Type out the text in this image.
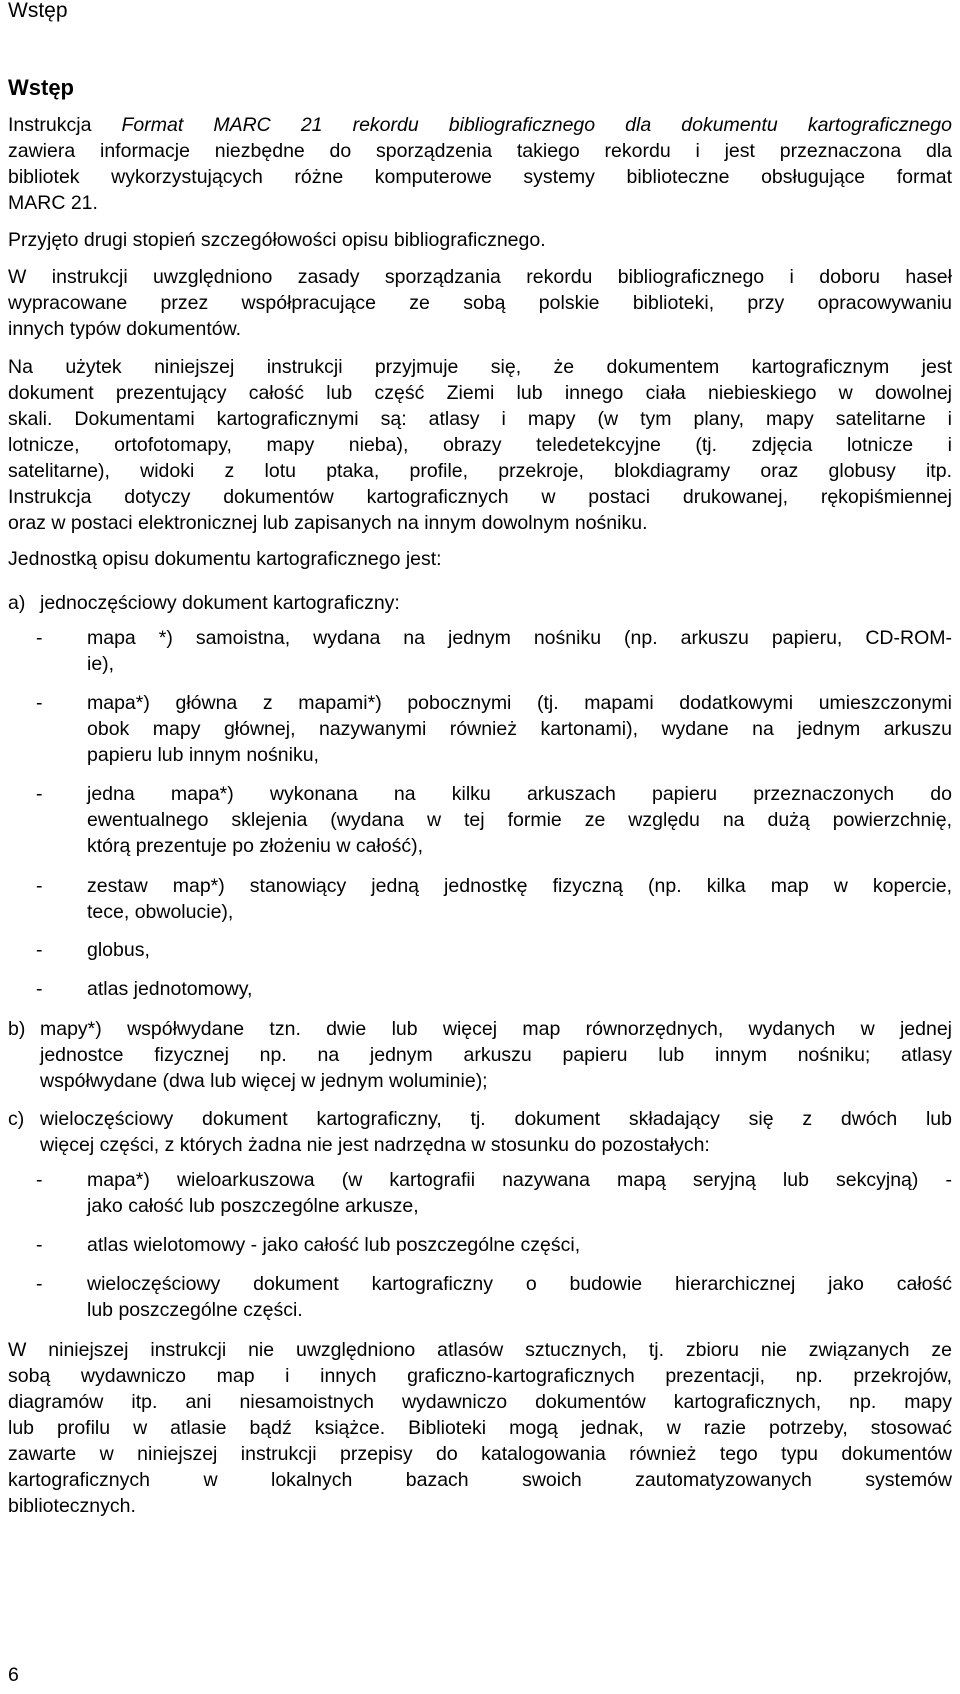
Wstęp
Wstęp
Instrukcja Format MARC 21 rekordu bibliograficznego dla dokumentu kartograficznego
zawiera informacje niezbędne do sporządzenia takiego rekordu i jest przeznaczona dla
bibliotek wykorzystujących różne komputerowe systemy biblioteczne obsługujące format
MARC 21.
Przyjęto drugi stopień szczegółowości opisu bibliograficznego.
W instrukcji uwzględniono zasady sporządzania rekordu bibliograficznego i doboru haseł
wypracowane przez współpracujące ze sobą polskie biblioteki, przy opracowywaniu
innych typów dokumentów.
Na użytek niniejszej instrukcji przyjmuje się, że dokumentem kartograficznym jest
dokument prezentujący całość lub część Ziemi lub innego ciała niebieskiego w dowolnej
skali. Dokumentami kartograficznymi są: atlasy i mapy (w tym plany, mapy satelitarne i
lotnicze, ortofotomapy, mapy nieba), obrazy teledetekcyjne (tj. zdjęcia lotnicze i
satelitarne), widoki z lotu ptaka, profile, przekroje, blokdiagramy oraz globusy itp.
Instrukcja dotyczy dokumentów kartograficznych w postaci drukowanej, rękopiśmiennej
oraz w postaci elektronicznej lub zapisanych na innym dowolnym nośniku.
Jednostką opisu dokumentu kartograficznego jest:
a) jednoczęściowy dokument kartograficzny:
- mapa *) samoistna, wydana na jednym nośniku (np. arkuszu papieru, CD-ROM-
ie),
- mapa*) główna z mapami*) pobocznymi (tj. mapami dodatkowymi umieszczonymi
obok mapy głównej, nazywanymi również kartonami), wydane na jednym arkuszu
papieru lub innym nośniku,
- jedna mapa*) wykonana na kilku arkuszach papieru przeznaczonych do
ewentualnego sklejenia (wydana w tej formie ze względu na dużą powierzchnię,
którą prezentuje po złożeniu w całość),
- zestaw map*) stanowiący jedną jednostkę fizyczną (np. kilka map w kopercie,
tece, obwolucie),
- globus,
- atlas jednotomowy,
b) mapy*) współwydane tzn. dwie lub więcej map równorzędnych, wydanych w jednej
jednostce fizycznej np. na jednym arkuszu papieru lub innym nośniku; atlasy
współwydane (dwa lub więcej w jednym woluminie);
c) wieloczęściowy dokument kartograficzny, tj. dokument składający się z dwóch lub
więcej części, z których żadna nie jest nadrzędna w stosunku do pozostałych:
- mapa*) wieloarkuszowa (w kartografii nazywana mapą seryjną lub sekcyjną) -
jako całość lub poszczególne arkusze,
- atlas wielotomowy - jako całość lub poszczególne części,
- wieloczęściowy dokument kartograficzny o budowie hierarchicznej jako całość
lub poszczególne części.
W niniejszej instrukcji nie uwzględniono atlasów sztucznych, tj. zbioru nie związanych ze
sobą wydawniczo map i innych graficzno-kartograficznych prezentacji, np. przekrojów,
diagramów itp. ani niesamoistnych wydawniczo dokumentów kartograficznych, np. mapy
lub profilu w atlasie bądź książce. Biblioteki mogą jednak, w razie potrzeby, stosować
zawarte w niniejszej instrukcji przepisy do katalogowania również tego typu dokumentów
kartograficznych w lokalnych bazach swoich zautomatyzowanych systemów
bibliotecznych.
6
